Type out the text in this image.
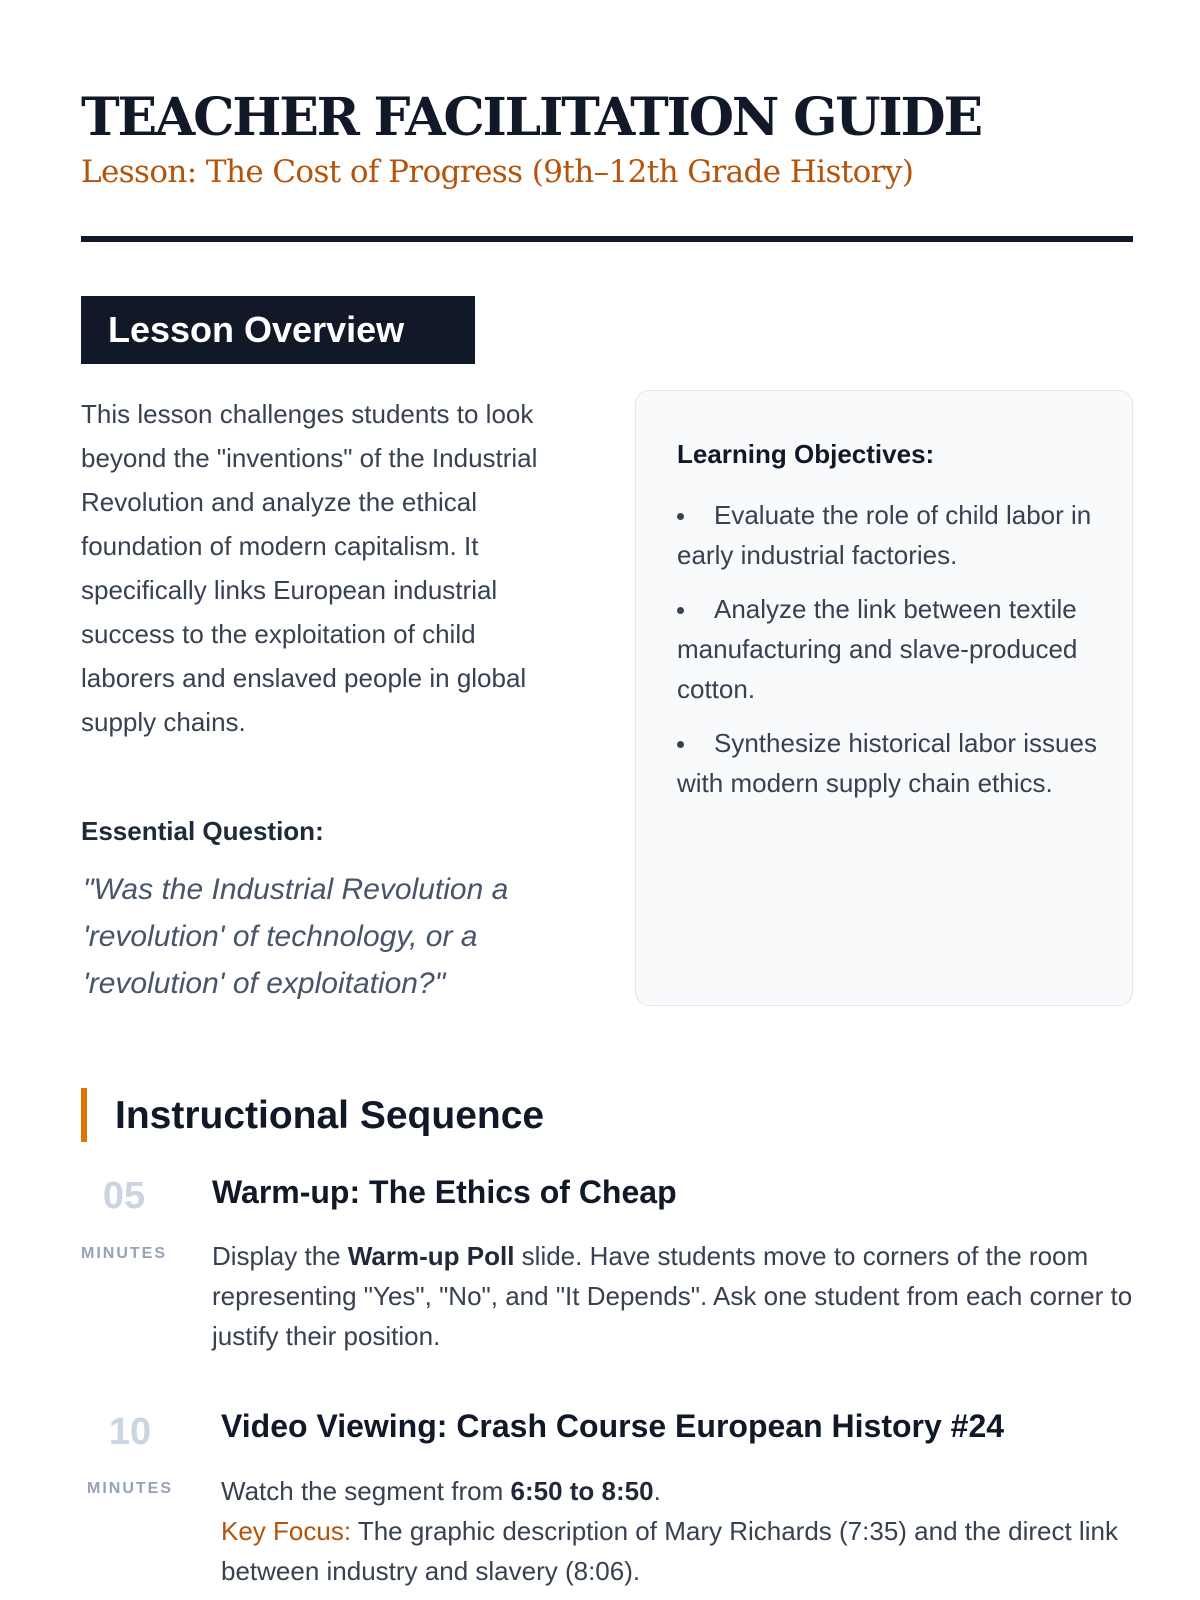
TEACHER FACILITATION GUIDE
Lesson: The Cost of Progress (9th–12th Grade History)
Lesson Overview

This lesson challenges students to look beyond the "inventions" of the Industrial Revolution and analyze the ethical foundation of modern capitalism. It specifically links European industrial success to the exploitation of child laborers and enslaved people in global supply chains.

Essential Question:

"Was the Industrial Revolution a 'revolution' of technology, or a 'revolution' of exploitation?"

Learning Objectives:
Evaluate the role of child labor in early industrial factories.
Analyze the link between textile manufacturing and slave-produced cotton.
Synthesize historical labor issues with modern supply chain ethics.
Instructional Sequence
05
MINUTES
Warm-up: The Ethics of Cheap

Display the Warm-up Poll slide. Have students move to corners of the room representing "Yes", "No", and "It Depends". Ask one student from each corner to justify their position.

10
MINUTES
Video Viewing: Crash Course European History #24

Watch the segment from 6:50 to 8:50.
Key Focus: The graphic description of Mary Richards (7:35) and the direct link between industry and slavery (8:06).
